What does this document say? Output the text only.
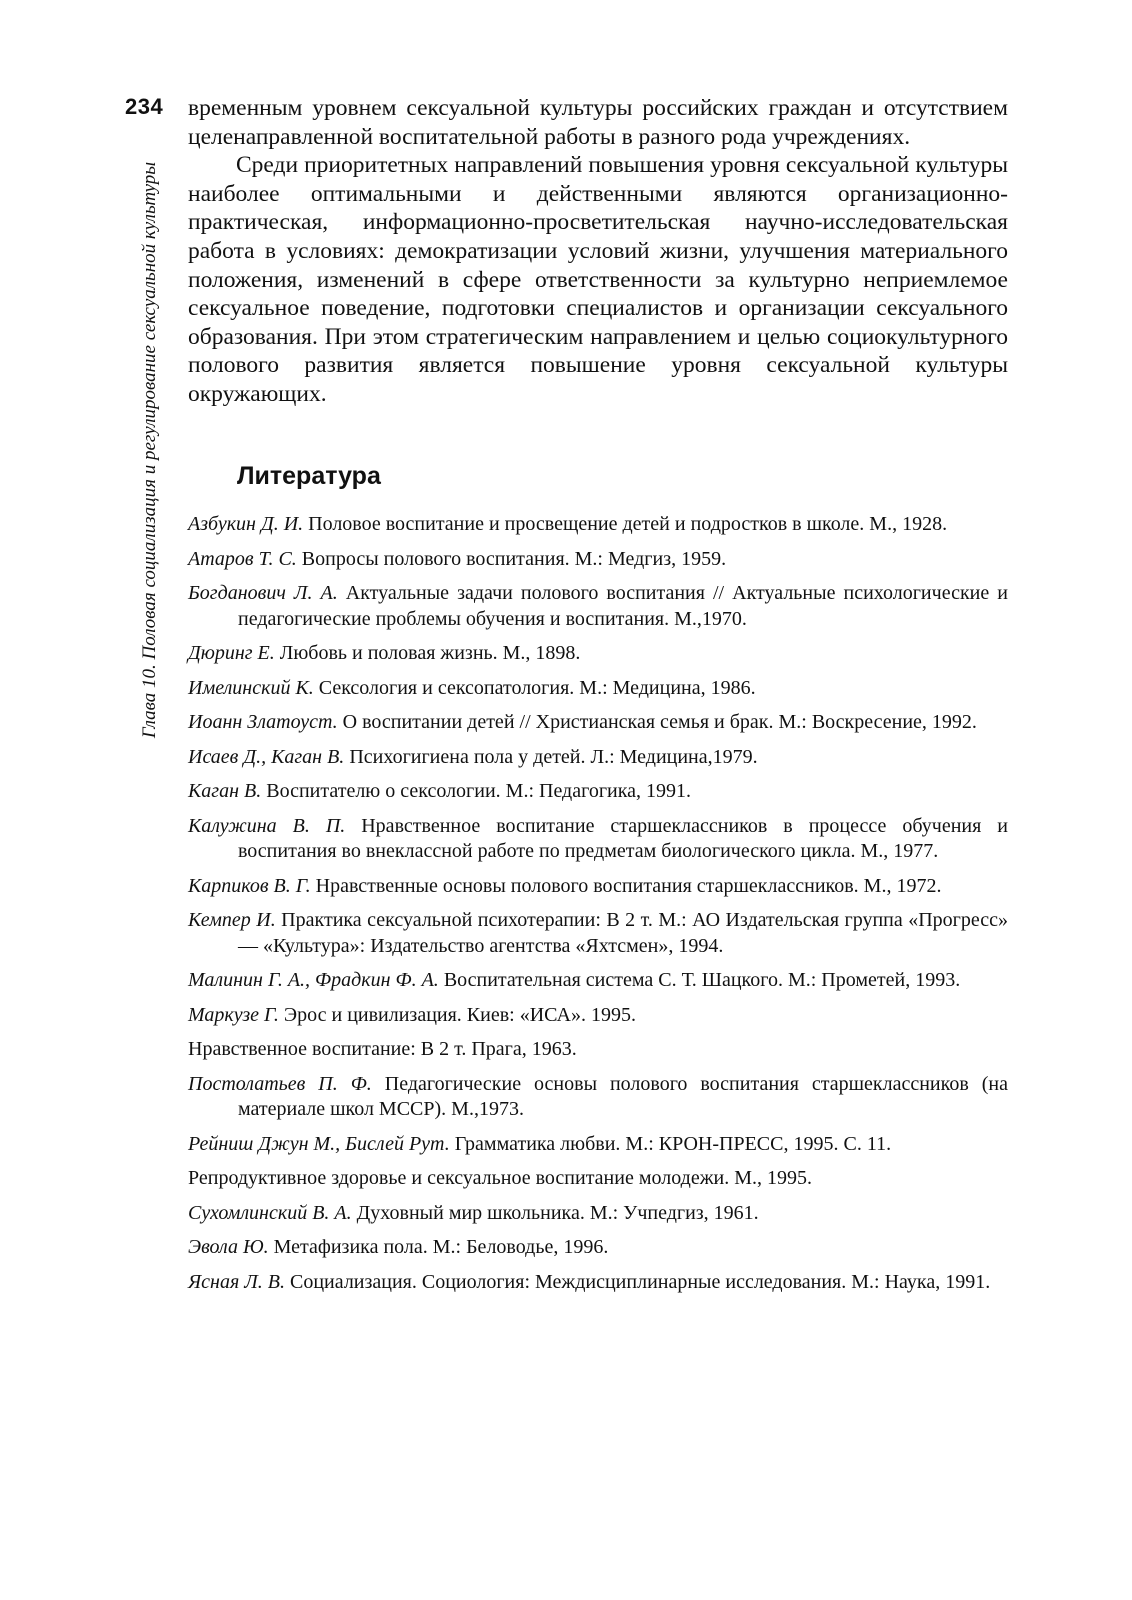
234
Глава 10. Половая социализация и регулирование сексуальной культуры

временным уровнем сексуальной культуры российских граждан и отсутствием целенаправленной воспитательной работы в разного рода учреждениях.

Среди приоритетных направлений повышения уровня сексуальной культуры наиболее оптимальными и действенными являются организационно-практическая, информационно-просветительская научно-исследовательская работа в условиях: демократизации условий жизни, улучшения материального положения, изменений в сфере ответственности за культурно неприемлемое сексуальное поведение, подготовки специалистов и организации сексуального образования. При этом стратегическим направлением и целью социокультурного полового развития является повышение уровня сексуальной культуры окружающих.

Литература

Азбукин Д. И. Половое воспитание и просвещение детей и подростков в школе. М., 1928.

Атаров Т. С. Вопросы полового воспитания. М.: Медгиз, 1959.

Богданович Л. А. Актуальные задачи полового воспитания // Актуальные психологические и педагогические проблемы обучения и воспитания. М.,1970.

Дюринг Е. Любовь и половая жизнь. М., 1898.

Имелинский К. Сексология и сексопатология. М.: Медицина, 1986.

Иоанн Златоуст. О воспитании детей // Христианская семья и брак. М.: Воскресение, 1992.

Исаев Д., Каган В. Психогигиена пола у детей. Л.: Медицина,1979.

Каган В. Воспитателю о сексологии. М.: Педагогика, 1991.

Калужина В. П. Нравственное воспитание старшеклассников в процессе обучения и воспитания во внеклассной работе по предметам биологического цикла. М., 1977.

Карпиков В. Г. Нравственные основы полового воспитания старшеклассников. М., 1972.

Кемпер И. Практика сексуальной психотерапии: В 2 т. М.: АО Издательская группа «Прогресс» — «Культура»: Издательство агентства «Яхтсмен», 1994.

Малинин Г. А., Фрадкин Ф. А. Воспитательная система С. Т. Шацкого. М.: Прометей, 1993.

Маркузе Г. Эрос и цивилизация. Киев: «ИСА». 1995.

Нравственное воспитание: В 2 т. Прага, 1963.

Постолатьев П. Ф. Педагогические основы полового воспитания старшеклассников (на материале школ МССР). М.,1973.

Рейниш Джун М., Бислей Рут. Грамматика любви. М.: КРОН-ПРЕСС, 1995. С. 11.

Репродуктивное здоровье и сексуальное воспитание молодежи. М., 1995.

Сухомлинский В. А. Духовный мир школьника. М.: Учпедгиз, 1961.

Эвола Ю. Метафизика пола. М.: Беловодье, 1996.

Ясная Л. В. Социализация. Социология: Междисциплинарные исследования. М.: Наука, 1991.
